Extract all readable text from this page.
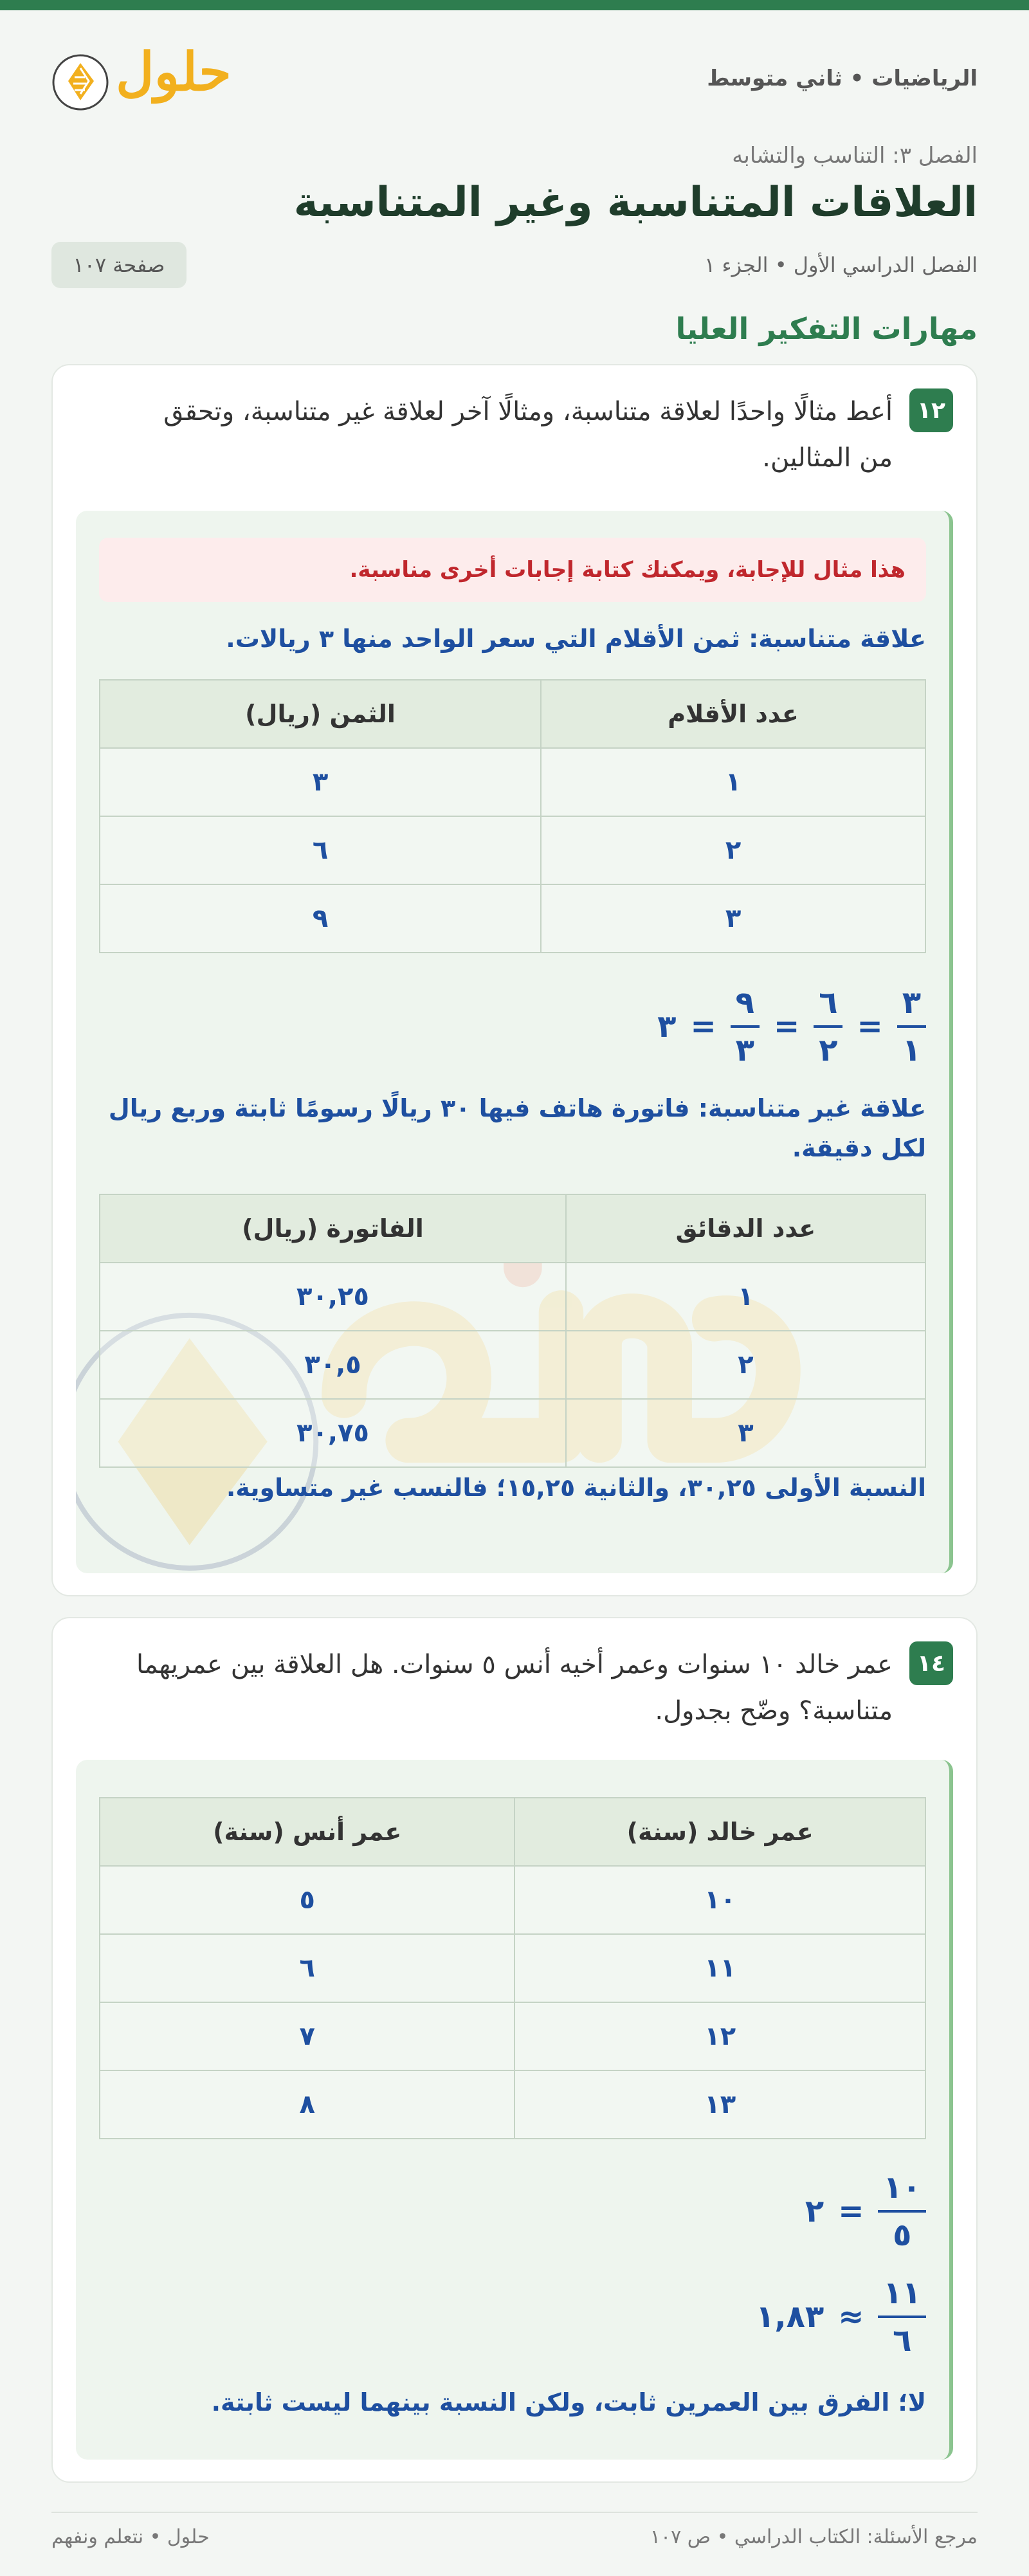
الرياضيات • ثاني متوسط
حلول
الفصل ٣: التناسب والتشابه
العلاقات المتناسبة وغير المتناسبة
الفصل الدراسي الأول • الجزء ١
صفحة ١٠٧
مهارات التفكير العليا
١٢
أعط مثالًا واحدًا لعلاقة متناسبة، ومثالًا آخر لعلاقة غير متناسبة، وتحقق من المثالين.
هذا مثال للإجابة، ويمكنك كتابة إجابات أخرى مناسبة.
علاقة متناسبة: ثمن الأقلام التي سعر الواحد منها ٣ ريالات.
عدد الأقلام	الثمن (ريال)
١	٣
٢	٦
٣	٩
$\frac{٣}{١}$
=
$\frac{٦}{٢}$
=
$\frac{٩}{٣}$
=
٣
علاقة غير متناسبة: فاتورة هاتف فيها ٣٠ ريالًا رسومًا ثابتة وربع ريال لكل دقيقة.
عدد الدقائق	الفاتورة (ريال)
١	٣٠,٢٥
٢	٣٠,٥
٣	٣٠,٧٥
النسبة الأولى ٣٠,٢٥، والثانية ١٥,٢٥؛ فالنسب غير متساوية.
١٤
عمر خالد ١٠ سنوات وعمر أخيه أنس ٥ سنوات. هل العلاقة بين عمريهما متناسبة؟ وضّح بجدول.
عمر خالد (سنة)	عمر أنس (سنة)
١٠	٥
١١	٦
١٢	٧
١٣	٨
$\frac{١٠}{٥}$
=
٢
$\frac{١١}{٦}$
≈
١,٨٣
لا؛ الفرق بين العمرين ثابت، ولكن النسبة بينهما ليست ثابتة.
مرجع الأسئلة: الكتاب الدراسي • ص ١٠٧
حلول • نتعلم ونفهم
